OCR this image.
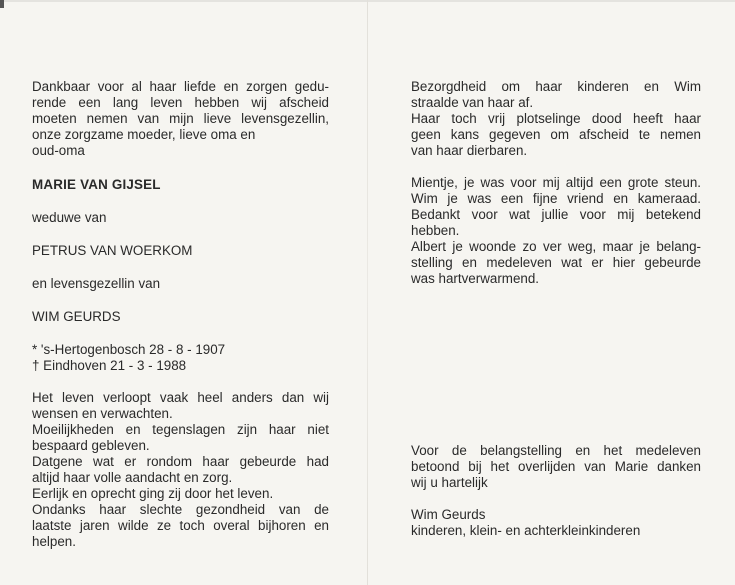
Dankbaar voor al haar liefde en zorgen gedu-
rende een lang leven hebben wij afscheid
moeten nemen van mijn lieve levensgezellin,
onze zorgzame moeder, lieve oma en
oud-oma
MARIE VAN GIJSEL
weduwe van
PETRUS VAN WOERKOM
en levensgezellin van
WIM GEURDS
* 's-Hertogenbosch 28 - 8 - 1907
† Eindhoven 21 - 3 - 1988
Het leven verloopt vaak heel anders dan wij
wensen en verwachten.
Moeilijkheden en tegenslagen zijn haar niet
bespaard gebleven.
Datgene wat er rondom haar gebeurde had
altijd haar volle aandacht en zorg.
Eerlijk en oprecht ging zij door het leven.
Ondanks haar slechte gezondheid van de
laatste jaren wilde ze toch overal bijhoren en
helpen.
Bezorgdheid om haar kinderen en Wim
straalde van haar af.
Haar toch vrij plotselinge dood heeft haar
geen kans gegeven om afscheid te nemen
van haar dierbaren.
Mientje, je was voor mij altijd een grote steun.
Wim je was een fijne vriend en kameraad.
Bedankt voor wat jullie voor mij betekend
hebben.
Albert je woonde zo ver weg, maar je belang-
stelling en medeleven wat er hier gebeurde
was hartverwarmend.
Voor de belangstelling en het medeleven
betoond bij het overlijden van Marie danken
wij u hartelijk
Wim Geurds
kinderen, klein- en achterkleinkinderen
